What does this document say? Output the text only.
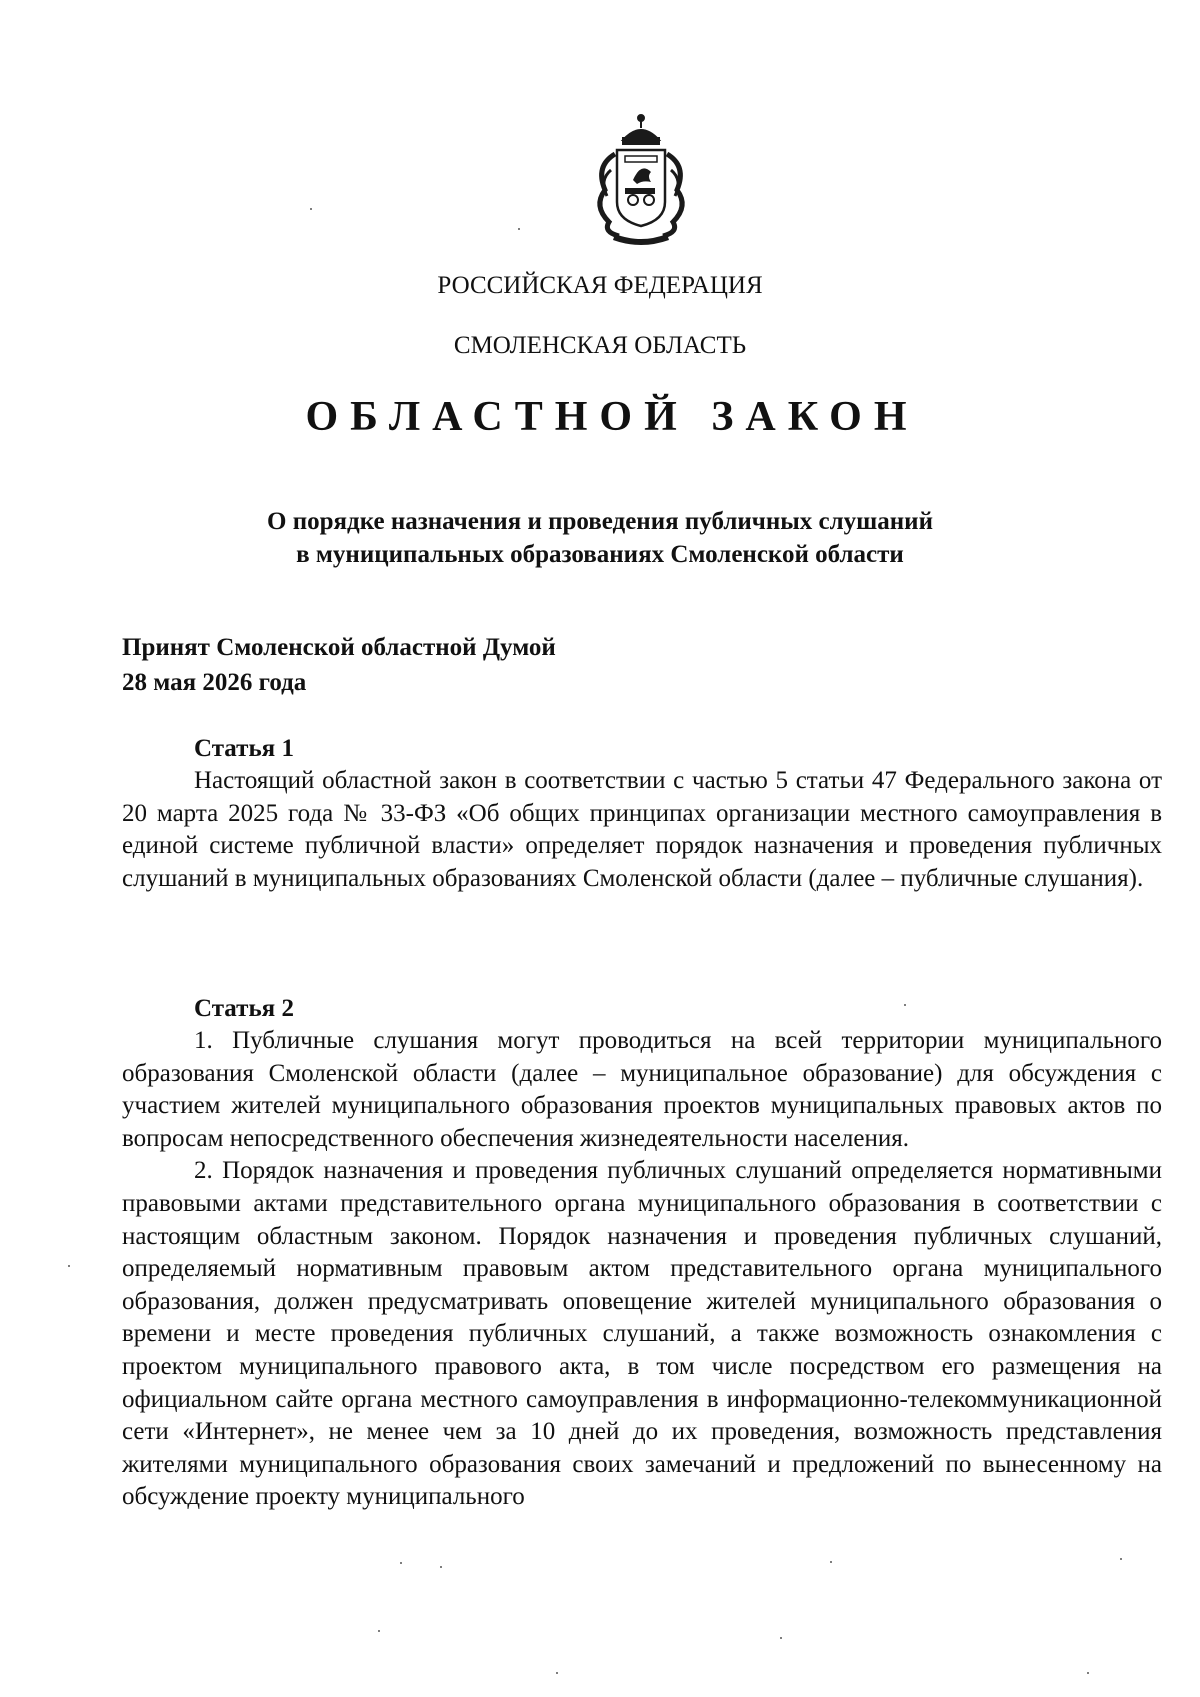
РОССИЙСКАЯ ФЕДЕРАЦИЯ

СМОЛЕНСКАЯ ОБЛАСТЬ

ОБЛАСТНОЙ ЗАКОН

О порядке назначения и проведения публичных слушаний
в муниципальных образованиях Смоленской области
Принят Смоленской областной Думой
28 мая 2026 года
Статья 1

Настоящий областной закон в соответствии с частью 5 статьи 47 Федерального закона от 20 марта 2025 года № 33-ФЗ «Об общих принципах организации местного самоуправления в единой системе публичной власти» определяет порядок назначения и проведения публичных слушаний в муниципальных образованиях Смоленской области (далее – публичные слушания).

Статья 2

1. Публичные слушания могут проводиться на всей территории муниципального образования Смоленской области (далее – муниципальное образование) для обсуждения с участием жителей муниципального образования проектов муниципальных правовых актов по вопросам непосредственного обеспечения жизнедеятельности населения.

2. Порядок назначения и проведения публичных слушаний определяется нормативными правовыми актами представительного органа муниципального образования в соответствии с настоящим областным законом. Порядок назначения и проведения публичных слушаний, определяемый нормативным правовым актом представительного органа муниципального образования, должен предусматривать оповещение жителей муниципального образования о времени и месте проведения публичных слушаний, а также возможность ознакомления с проектом муниципального правового акта, в том числе посредством его размещения на официальном сайте органа местного самоуправления в информационно-телекоммуникационной сети «Интернет», не менее чем за 10 дней до их проведения, возможность представления жителями муниципального образования своих замечаний и предложений по вынесенному на обсуждение проекту муниципального
